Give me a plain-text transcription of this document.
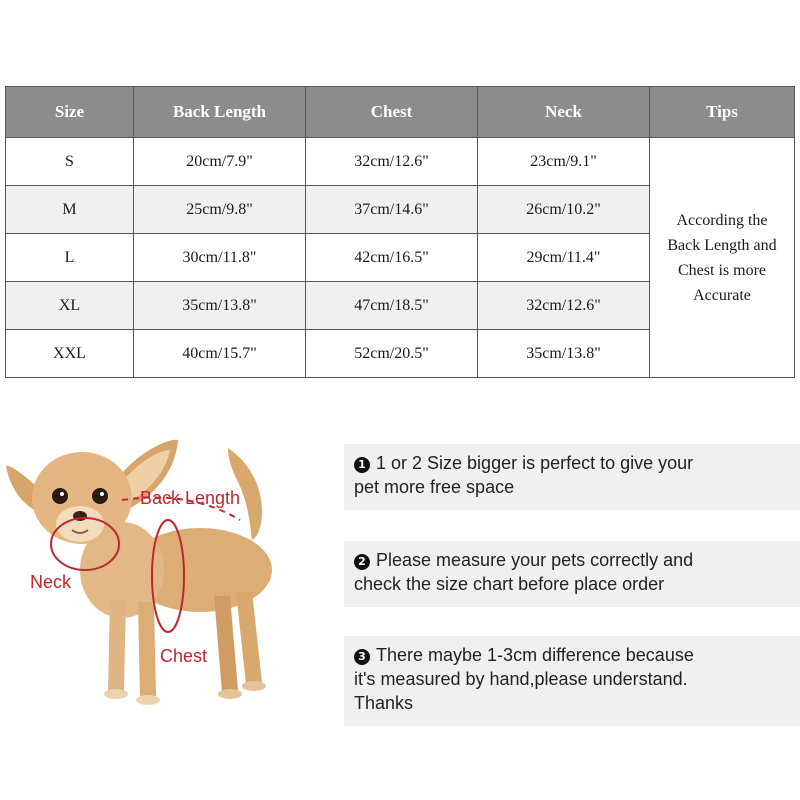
Size	Back Length	Chest	Neck	Tips
S	20cm/7.9"	32cm/12.6"	23cm/9.1"	According the
Back Length and
Chest is more
Accurate

M	25cm/9.8"	37cm/14.6"	26cm/10.2"	
L	30cm/11.8"	42cm/16.5"	29cm/11.4"	
XL	35cm/13.8"	47cm/18.5"	32cm/12.6"	
XXL	40cm/15.7"	52cm/20.5"	35cm/13.8"	
Back Length
Neck
Chest
1 1 or 2 Size bigger is perfect to give your
pet more free space
2 Please measure your pets correctly and
check the size chart before place order
3 There maybe 1-3cm difference because
it's measured by hand,please understand.
Thanks
